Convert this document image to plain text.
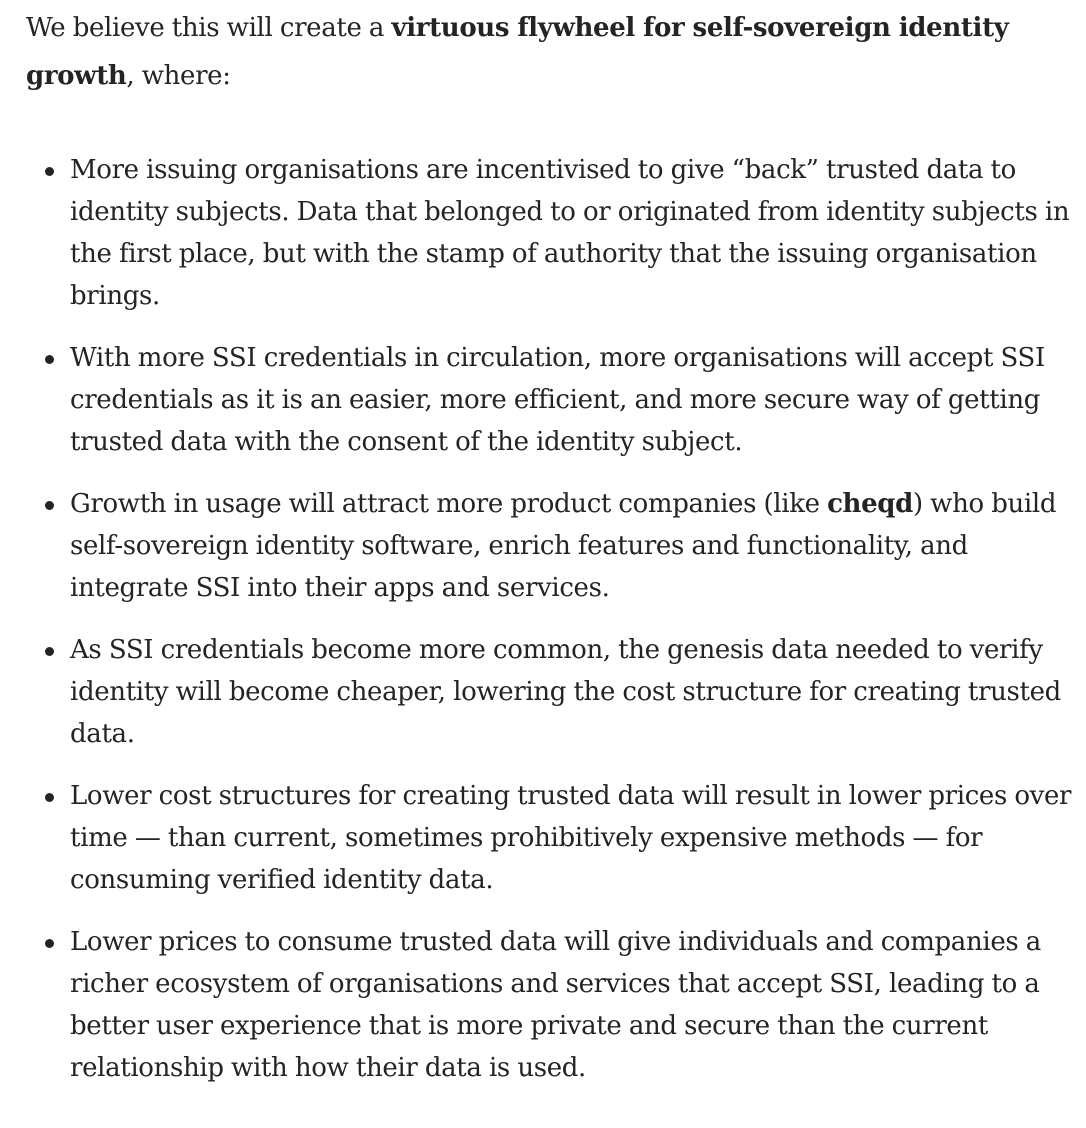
We believe this will create a virtuous flywheel for self-sovereign identity growth, where:

More issuing organisations are incentivised to give “back” trusted data to identity subjects. Data that belonged to or originated from identity subjects in the first place, but with the stamp of authority that the issuing organisation brings.
With more SSI credentials in circulation, more organisations will accept SSI credentials as it is an easier, more efficient, and more secure way of getting trusted data with the consent of the identity subject.
Growth in usage will attract more product companies (like cheqd) who build self-sovereign identity software, enrich features and functionality, and integrate SSI into their apps and services.
As SSI credentials become more common, the genesis data needed to verify identity will become cheaper, lowering the cost structure for creating trusted data.
Lower cost structures for creating trusted data will result in lower prices over time — than current, sometimes prohibitively expensive methods — for consuming verified identity data.
Lower prices to consume trusted data will give individuals and companies a richer ecosystem of organisations and services that accept SSI, leading to a better user experience that is more private and secure than the current relationship with how their data is used.
